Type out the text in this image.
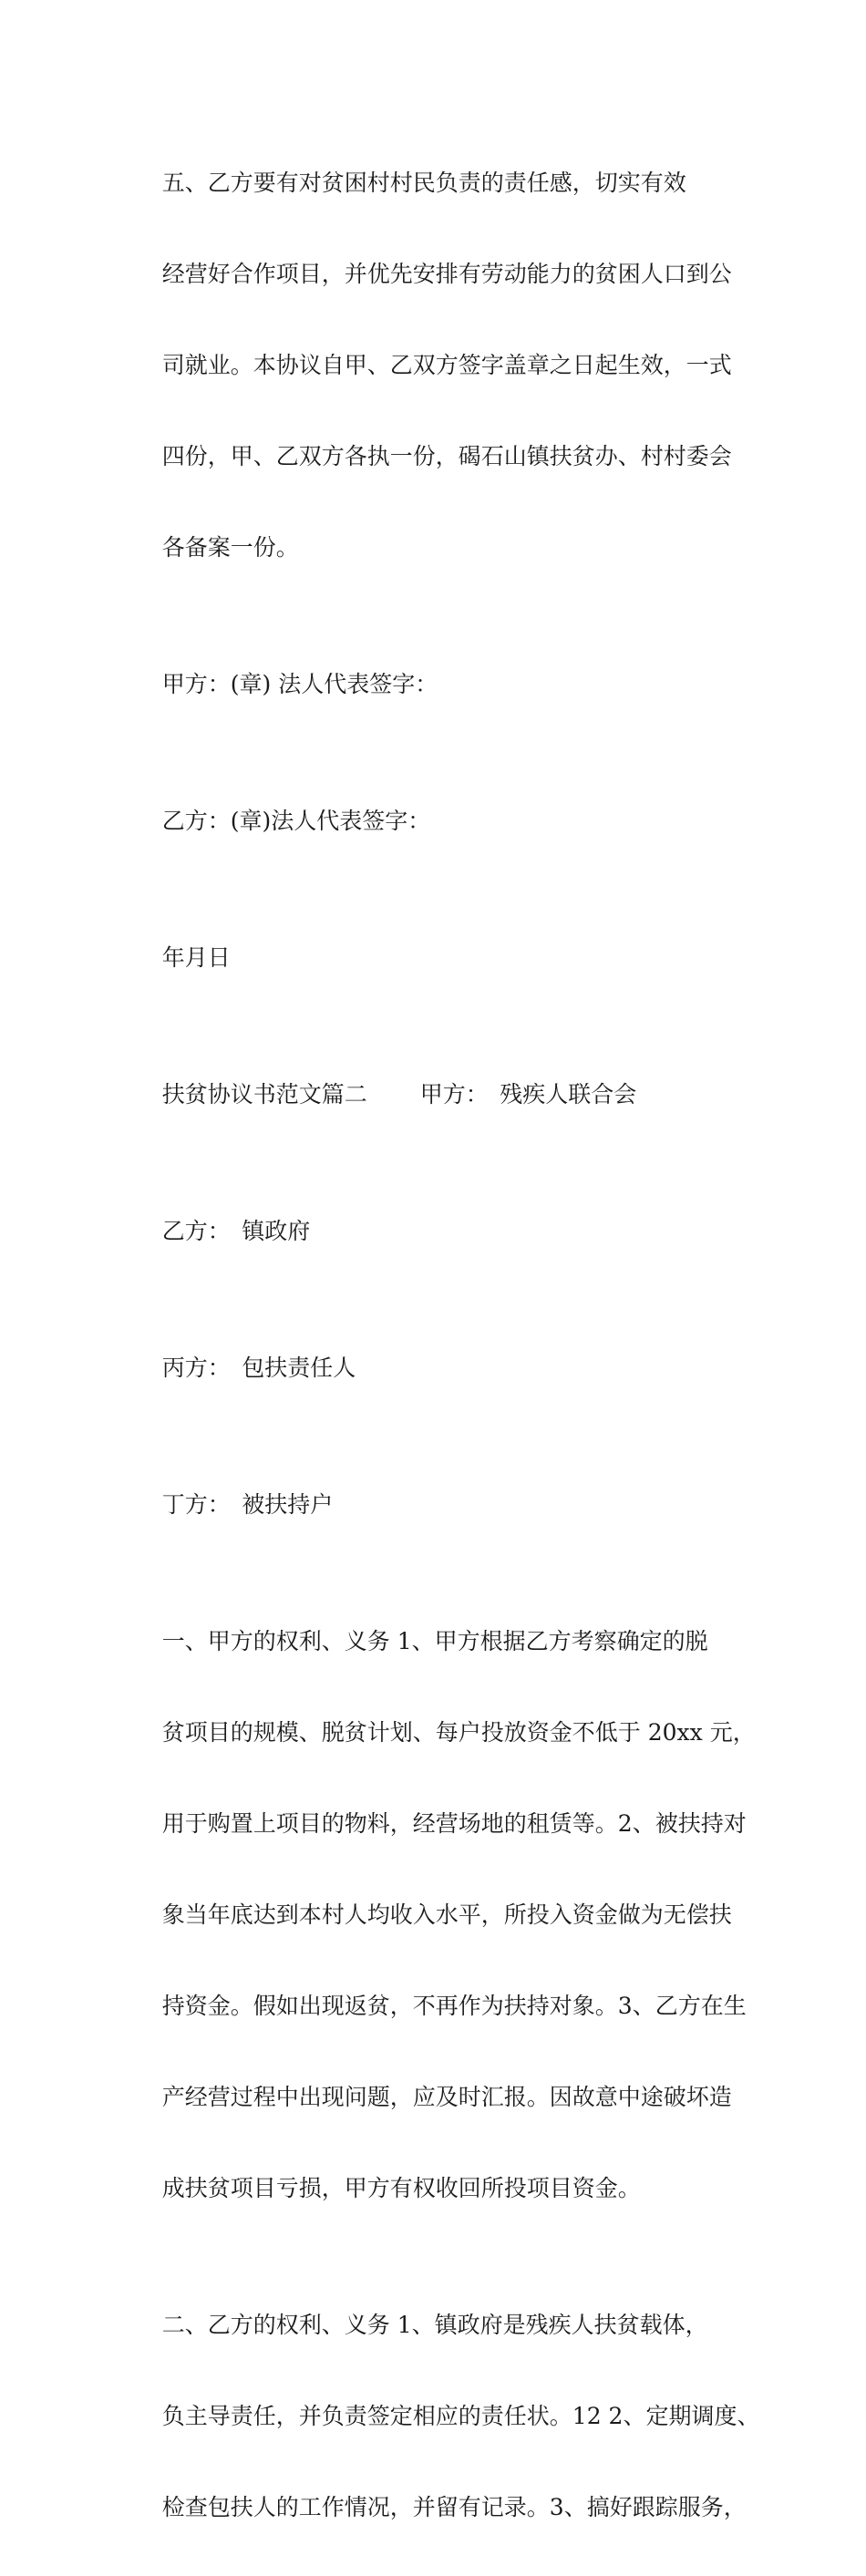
五、乙方要有对贫困村村民负责的责任感，切实有效

经营好合作项目，并优先安排有劳动能力的贫困人口到公

司就业。本协议自甲、乙双方签字盖章之日起生效，一式

四份，甲、乙双方各执一份，碣石山镇扶贫办、村村委会

各备案一份。

甲方：(章) 法人代表签字：

乙方：(章)法人代表签字：

年月日

扶贫协议书范文篇二　　 甲方：　残疾人联合会

乙方：　镇政府

丙方：　包扶责任人

丁方：　被扶持户

一、甲方的权利、义务 1、甲方根据乙方考察确定的脱

贫项目的规模、脱贫计划、每户投放资金不低于 20xx 元，

用于购置上项目的物料，经营场地的租赁等。2、被扶持对

象当年底达到本村人均收入水平，所投入资金做为无偿扶

持资金。假如出现返贫，不再作为扶持对象。3、乙方在生

产经营过程中出现问题，应及时汇报。因故意中途破坏造

成扶贫项目亏损，甲方有权收回所投项目资金。

二、乙方的权利、义务 1、镇政府是残疾人扶贫载体，

负主导责任，并负责签定相应的责任状。12 2、定期调度、

检查包扶人的工作情况，并留有记录。3、搞好跟踪服务，
